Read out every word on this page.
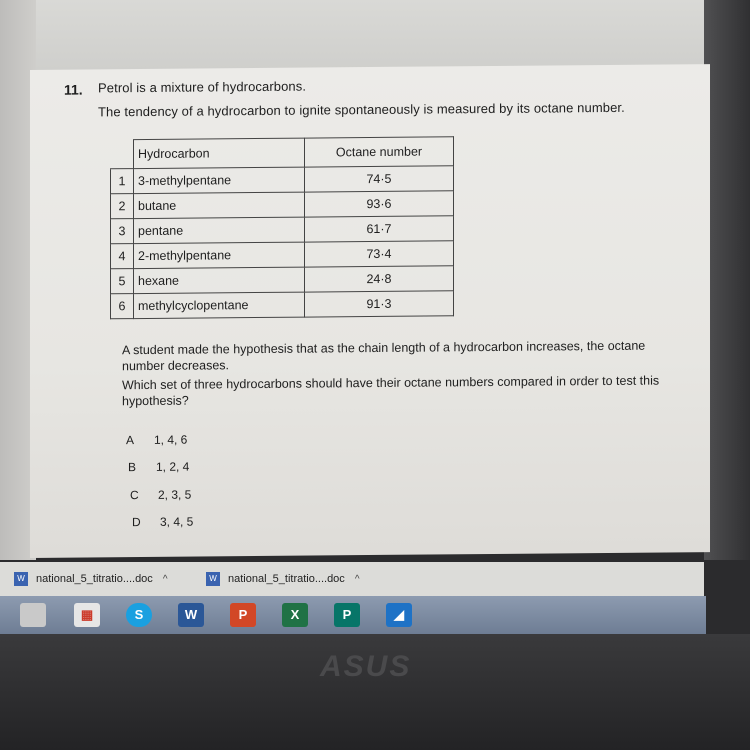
11. Petrol is a mixture of hydrocarbons.
The tendency of a hydrocarbon to ignite spontaneously is measured by its octane number.
	Hydrocarbon	Octane number
1	3-methylpentane	74·5
2	butane	93·6
3	pentane	61·7
4	2-methylpentane	73·4
5	hexane	24·8
6	methylcyclopentane	91·3
A student made the hypothesis that as the chain length of a hydrocarbon increases, the octane number decreases.
Which set of three hydrocarbons should have their octane numbers compared in order to test this hypothesis?
A 1, 4, 6
B 1, 2, 4
C 2, 3, 5
D 3, 4, 5
W national_5_titratio....doc ^	W national_5_titratio....doc ^
▦	S	W	P	X	P	◢
ASUS
